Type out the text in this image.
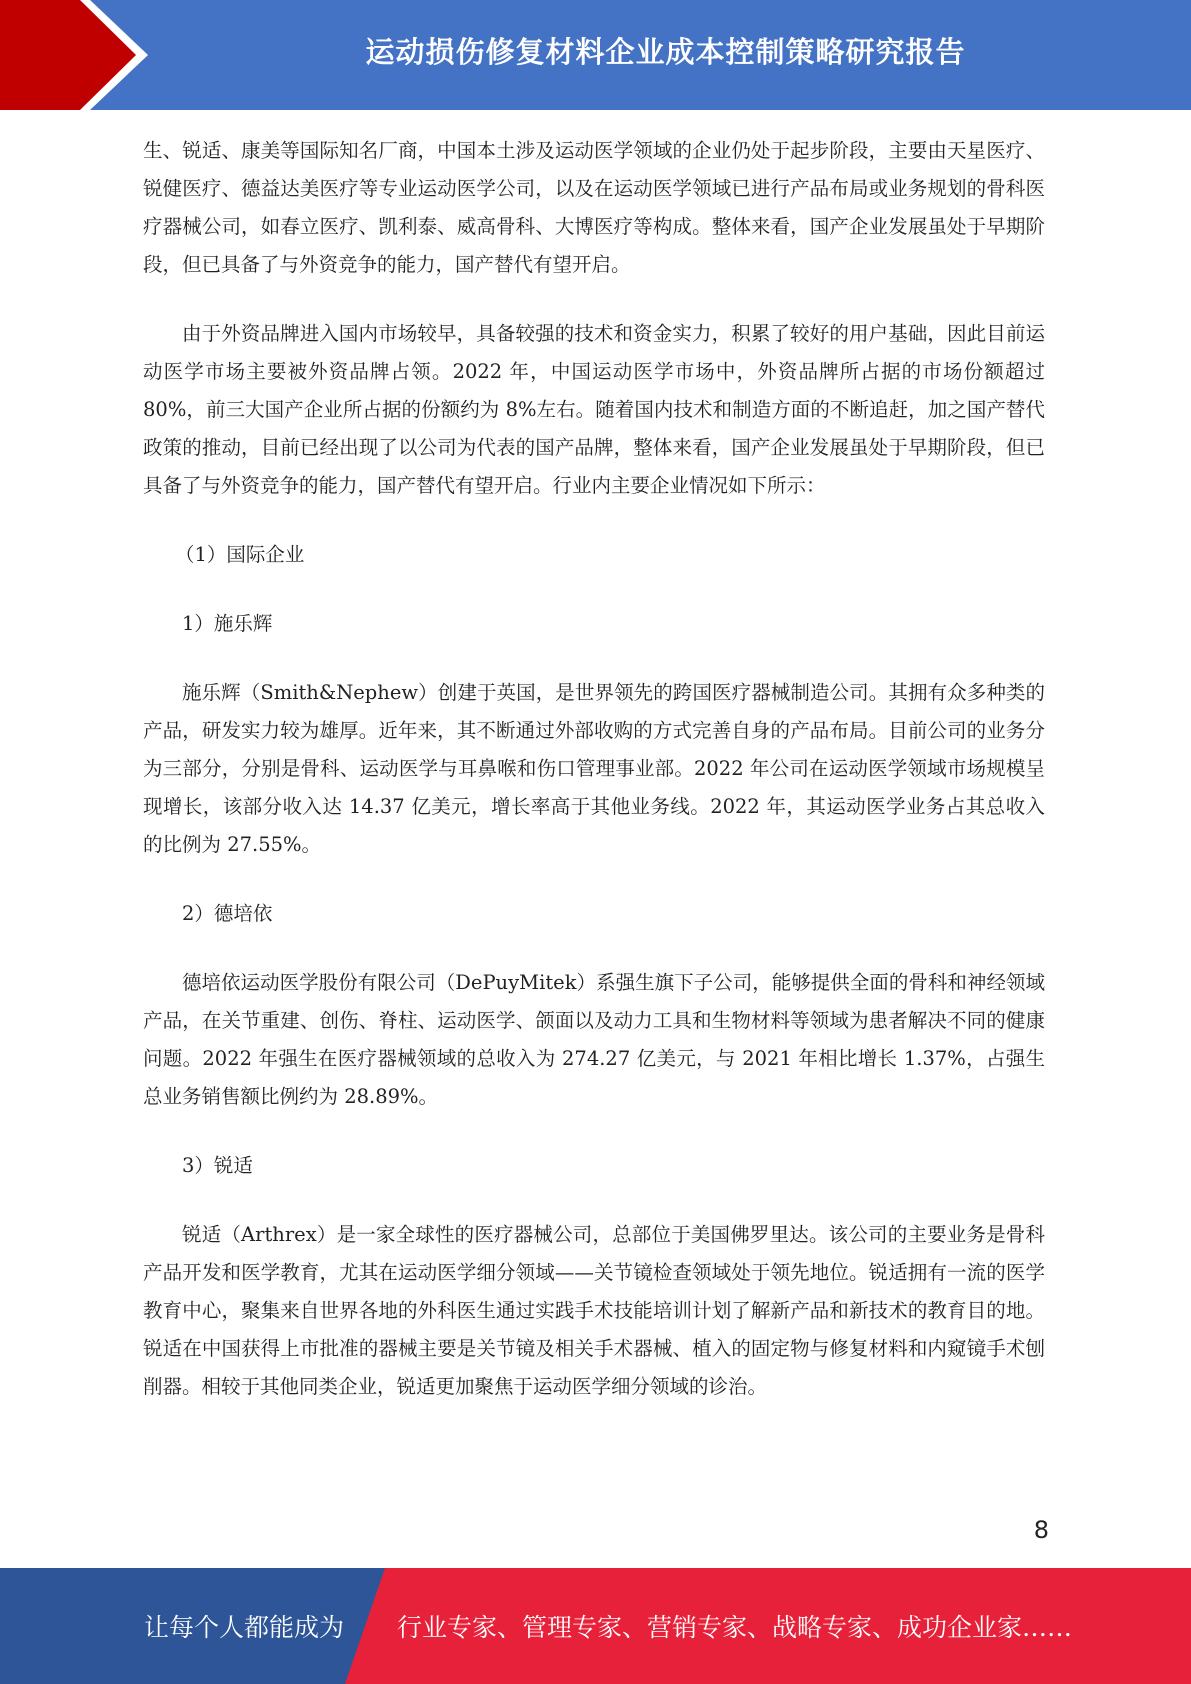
运动损伤修复材料企业成本控制策略研究报告

生、锐适、康美等国际知名厂商，中国本土涉及运动医学领域的企业仍处于起步阶段，主要由天星医疗、锐健医疗、德益达美医疗等专业运动医学公司，以及在运动医学领域已进行产品布局或业务规划的骨科医疗器械公司，如春立医疗、凯利泰、威高骨科、大博医疗等构成。整体来看，国产企业发展虽处于早期阶段，但已具备了与外资竞争的能力，国产替代有望开启。

由于外资品牌进入国内市场较早，具备较强的技术和资金实力，积累了较好的用户基础，因此目前运动医学市场主要被外资品牌占领。2022 年，中国运动医学市场中，外资品牌所占据的市场份额超过 80%，前三大国产企业所占据的份额约为 8%左右。随着国内技术和制造方面的不断追赶，加之国产替代政策的推动，目前已经出现了以公司为代表的国产品牌，整体来看，国产企业发展虽处于早期阶段，但已具备了与外资竞争的能力，国产替代有望开启。行业内主要企业情况如下所示：

（1）国际企业

1）施乐辉

施乐辉（Smith&Nephew）创建于英国，是世界领先的跨国医疗器械制造公司。其拥有众多种类的产品，研发实力较为雄厚。近年来，其不断通过外部收购的方式完善自身的产品布局。目前公司的业务分为三部分，分别是骨科、运动医学与耳鼻喉和伤口管理事业部。2022 年公司在运动医学领域市场规模呈现增长，该部分收入达 14.37 亿美元，增长率高于其他业务线。2022 年，其运动医学业务占其总收入的比例为 27.55%。

2）德培依

德培依运动医学股份有限公司（DePuyMitek）系强生旗下子公司，能够提供全面的骨科和神经领域产品，在关节重建、创伤、脊柱、运动医学、颌面以及动力工具和生物材料等领域为患者解决不同的健康问题。2022 年强生在医疗器械领域的总收入为 274.27 亿美元，与 2021 年相比增长 1.37%，占强生总业务销售额比例约为 28.89%。

3）锐适

锐适（Arthrex）是一家全球性的医疗器械公司，总部位于美国佛罗里达。该公司的主要业务是骨科产品开发和医学教育，尤其在运动医学细分领域——关节镜检查领域处于领先地位。锐适拥有一流的医学教育中心，聚集来自世界各地的外科医生通过实践手术技能培训计划了解新产品和新技术的教育目的地。锐适在中国获得上市批准的器械主要是关节镜及相关手术器械、植入的固定物与修复材料和内窥镜手术刨削器。相较于其他同类企业，锐适更加聚焦于运动医学细分领域的诊治。

8
让每个人都能成为 行业专家、管理专家、营销专家、战略专家、成功企业家……
